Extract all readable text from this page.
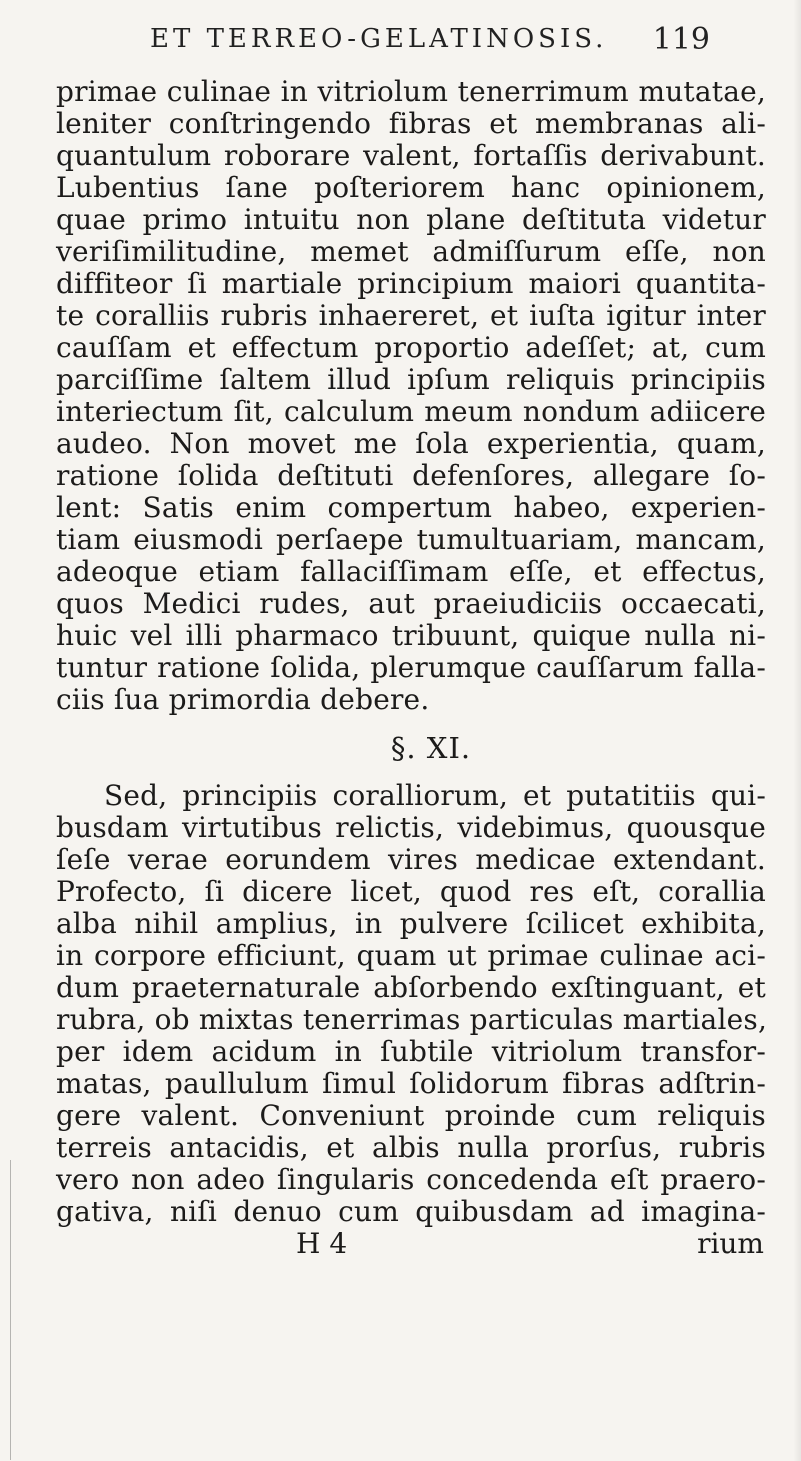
ET TERREO-GELATINOSIS. 119
primae culinae in vitriolum tenerrimum mutatae,
leniter conſtringendo fibras et membranas ali-
quantulum roborare valent, fortaſſis derivabunt.
Lubentius ſane poſteriorem hanc opinionem,
quae primo intuitu non plane deſtituta videtur
veriſimilitudine, memet admiſſurum eſſe, non
diffiteor ſi martiale principium maiori quantita-
te coralliis rubris inhaereret, et iuſta igitur inter
cauſſam et effectum proportio adeſſet; at, cum
parciſſime ſaltem illud ipſum reliquis principiis
interiectum ſit, calculum meum nondum adiicere
audeo. Non movet me ſola experientia, quam,
ratione ſolida deſtituti defenſores, allegare ſo-
lent: Satis enim compertum habeo, experien-
tiam eiusmodi perſaepe tumultuariam, mancam,
adeoque etiam fallaciſſimam eſſe, et effectus,
quos Medici rudes, aut praeiudiciis occaecati,
huic vel illi pharmaco tribuunt, quique nulla ni-
tuntur ratione ſolida, plerumque cauſſarum falla-
ciis ſua primordia debere.
§. XI.
Sed, principiis coralliorum, et putatitiis qui-
busdam virtutibus relictis, videbimus, quousque
ſeſe verae eorundem vires medicae extendant.
Profecto, ſi dicere licet, quod res eſt, corallia
alba nihil amplius, in pulvere ſcilicet exhibita,
in corpore efficiunt, quam ut primae culinae aci-
dum praeternaturale abſorbendo exſtinguant, et
rubra, ob mixtas tenerrimas particulas martiales,
per idem acidum in ſubtile vitriolum transfor-
matas, paullulum ſimul ſolidorum fibras adſtrin-
gere valent. Conveniunt proinde cum reliquis
terreis antacidis, et albis nulla prorſus, rubris
vero non adeo ſingularis concedenda eſt praero-
gativa, niſi denuo cum quibusdam ad imagina-
H 4	rium
